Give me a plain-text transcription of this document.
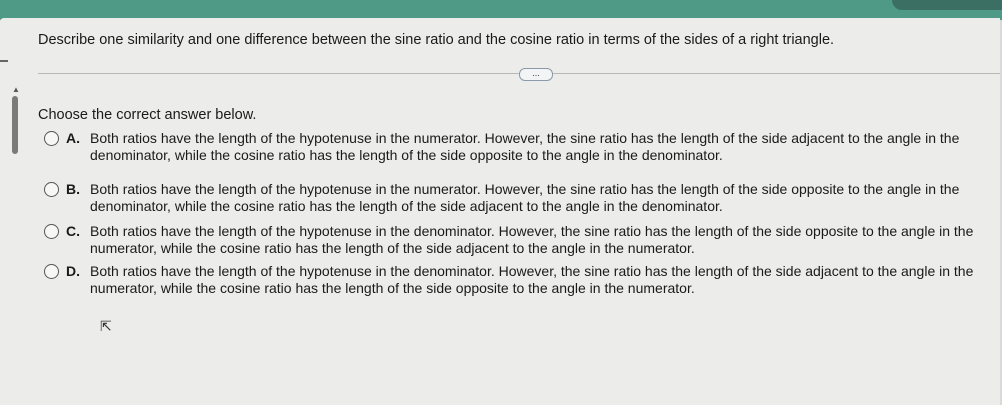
Describe one similarity and one difference between the sine ratio and the cosine ratio in terms of the sides of a right triangle.
...
▲
Choose the correct answer below.
A. Both ratios have the length of the hypotenuse in the numerator. However, the sine ratio has the length of the side adjacent to the angle in the denominator, while the cosine ratio has the length of the side opposite to the angle in the denominator.
B. Both ratios have the length of the hypotenuse in the numerator. However, the sine ratio has the length of the side opposite to the angle in the denominator, while the cosine ratio has the length of the side adjacent to the angle in the denominator.
C. Both ratios have the length of the hypotenuse in the denominator. However, the sine ratio has the length of the side opposite to the angle in the numerator, while the cosine ratio has the length of the side adjacent to the angle in the numerator.
D. Both ratios have the length of the hypotenuse in the denominator. However, the sine ratio has the length of the side adjacent to the angle in the numerator, while the cosine ratio has the length of the side opposite to the angle in the numerator.
⇱
